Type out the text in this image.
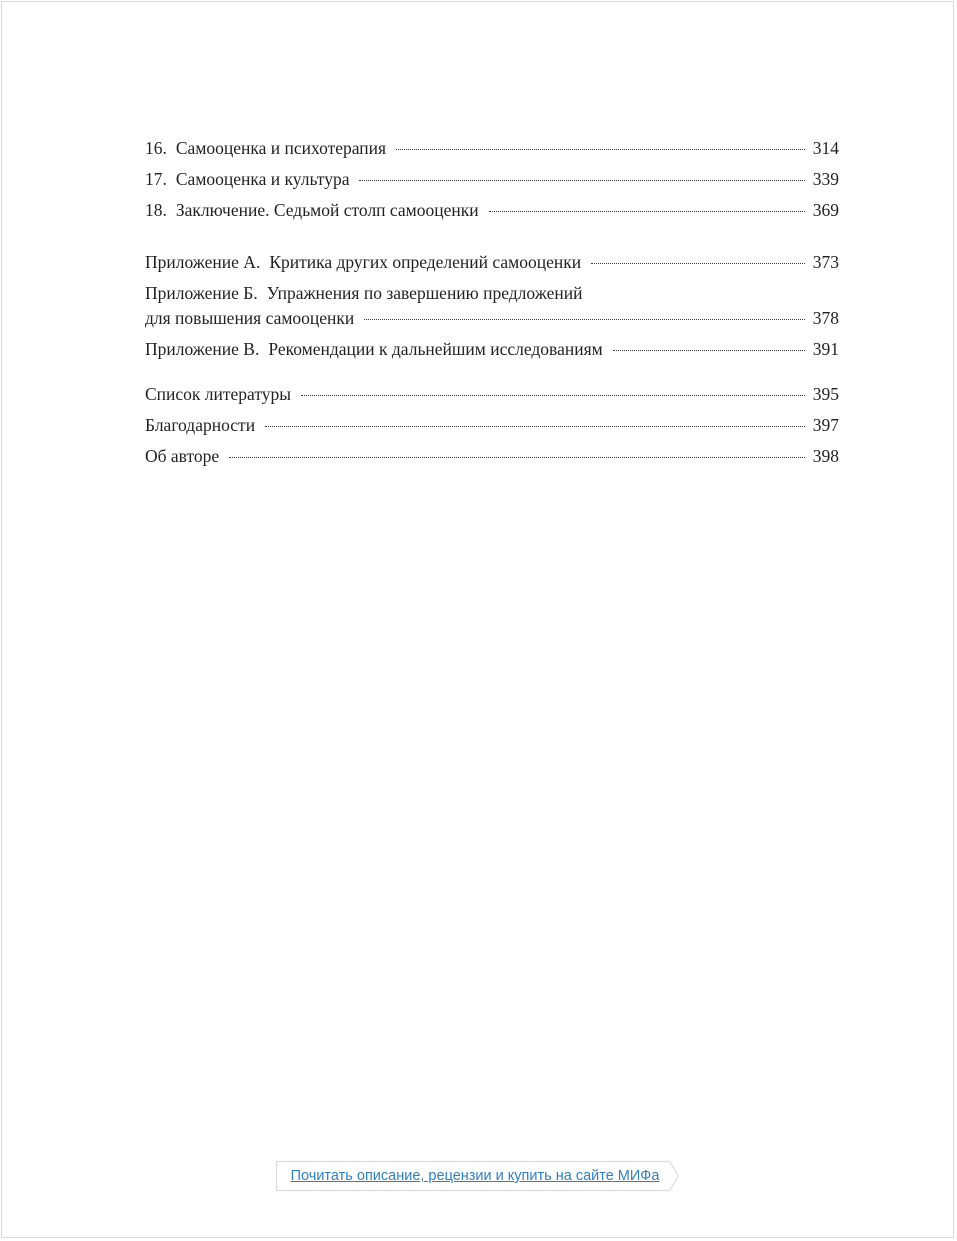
16. Самооценка и психотерапия	314
17. Самооценка и культура	339
18. Заключение. Седьмой столп самооценки	369
Приложение А. Критика других определений самооценки	373
Приложение Б. Упражнения по завершению предложений
для повышения самооценки	378
Приложение В. Рекомендации к дальнейшим исследованиям	391
Список литературы	395
Благодарности	397
Об авторе	398
Почитать описание, рецензии и купить на сайте МИФа
